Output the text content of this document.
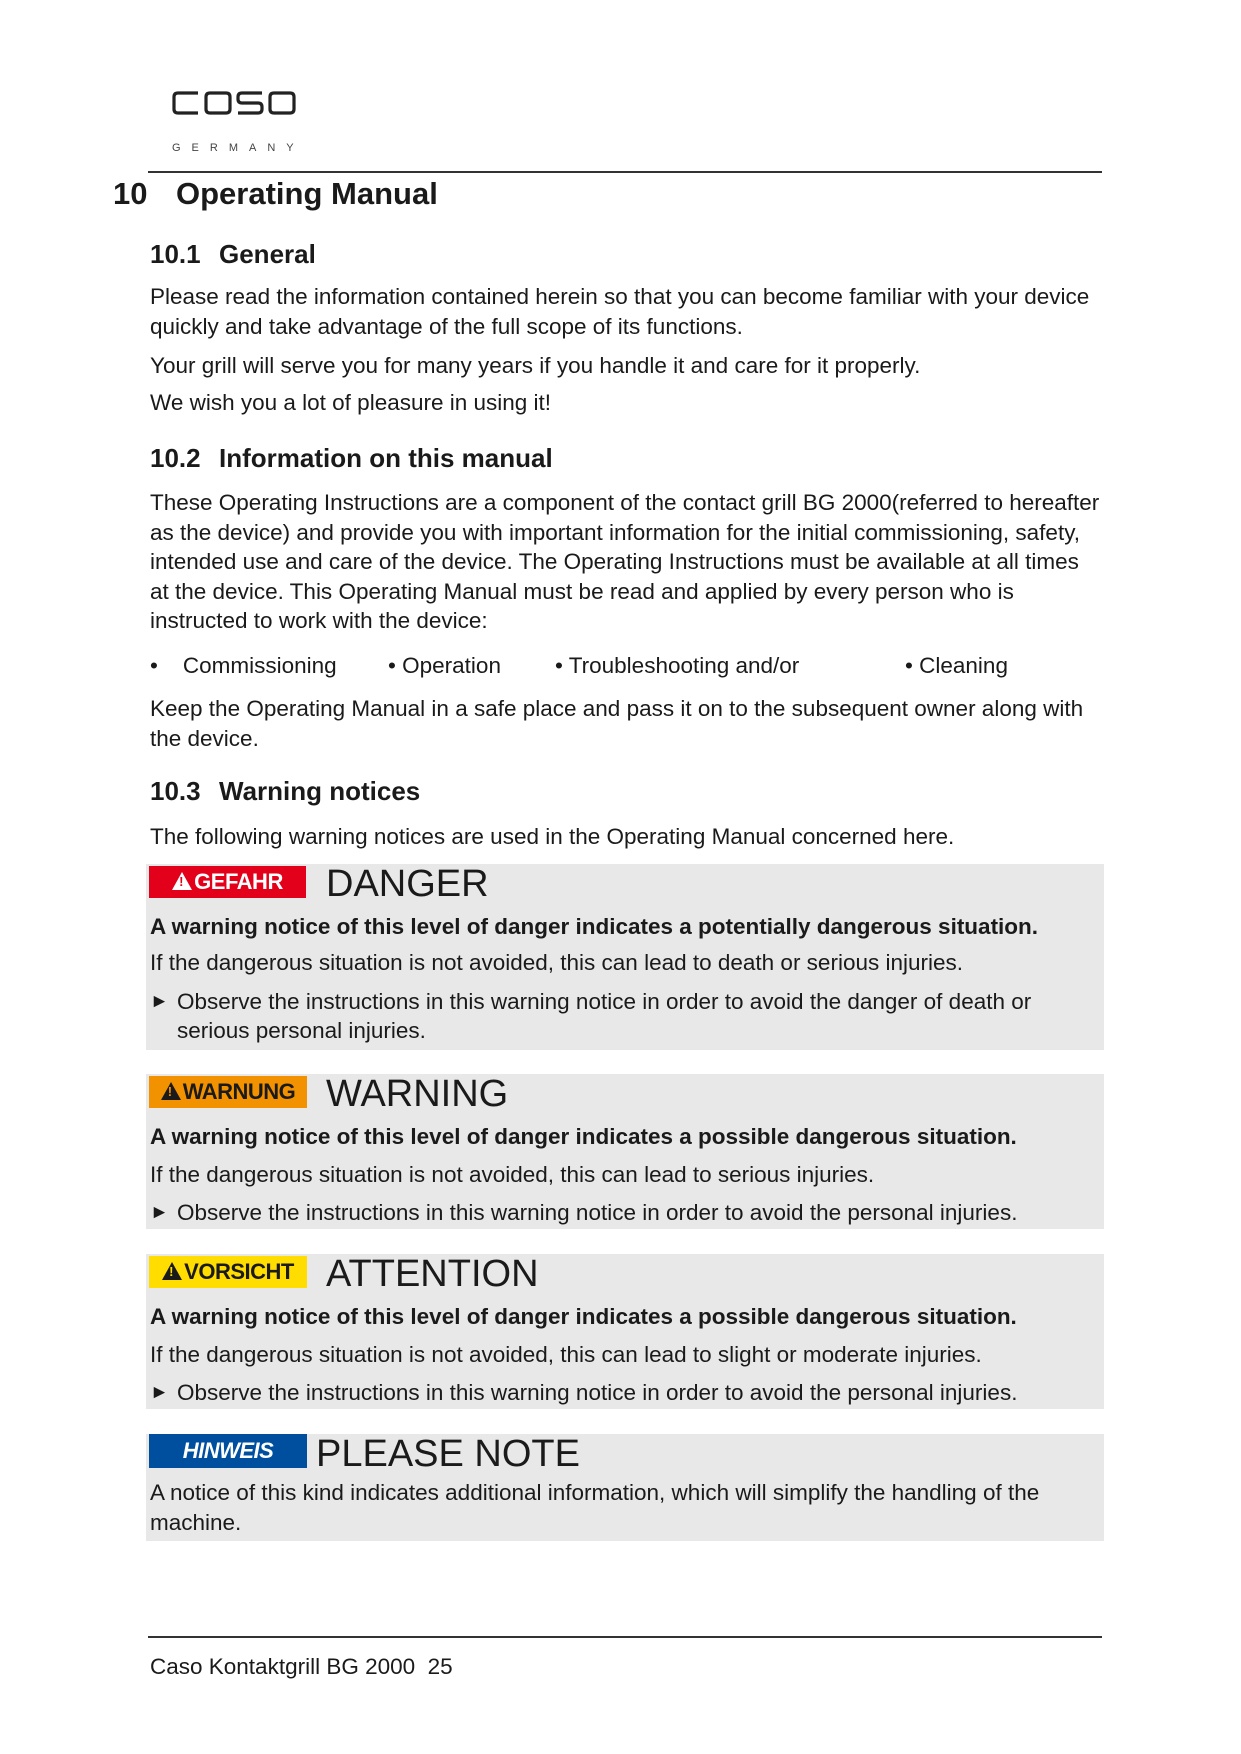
GERMANY
10 Operating Manual
10.1 General
Please read the information contained herein so that you can become familiar with your device quickly and take advantage of the full scope of its functions.
Your grill will serve you for many years if you handle it and care for it properly.
We wish you a lot of pleasure in using it!
10.2 Information on this manual
These Operating Instructions are a component of the contact grill BG 2000(referred to hereafter as the device) and provide you with important information for the initial commissioning, safety, intended use and care of the device. The Operating Instructions must be available at all times at the device. This Operating Manual must be read and applied by every person who is instructed to work with the device:
•    Commissioning • Operation • Troubleshooting and/or	• Cleaning
Keep the Operating Manual in a safe place and pass it on to the subsequent owner along with the device.
10.3 Warning notices
The following warning notices are used in the Operating Manual concerned here.
!GEFAHR	DANGER
A warning notice of this level of danger indicates a potentially dangerous situation.
If the dangerous situation is not avoided, this can lead to death or serious injuries.
► Observe the instructions in this warning notice in order to avoid the danger of death or serious personal injuries.
!WARNUNG WARNING
A warning notice of this level of danger indicates a possible dangerous situation.
If the dangerous situation is not avoided, this can lead to serious injuries.
► Observe the instructions in this warning notice in order to avoid the personal injuries.
!VORSICHT ATTENTION
A warning notice of this level of danger indicates a possible dangerous situation.
If the dangerous situation is not avoided, this can lead to slight or moderate injuries.
► Observe the instructions in this warning notice in order to avoid the personal injuries.
HINWEIS	PLEASE NOTE
A notice of this kind indicates additional information, which will simplify the handling of the machine.
Caso Kontaktgrill BG 2000 25
